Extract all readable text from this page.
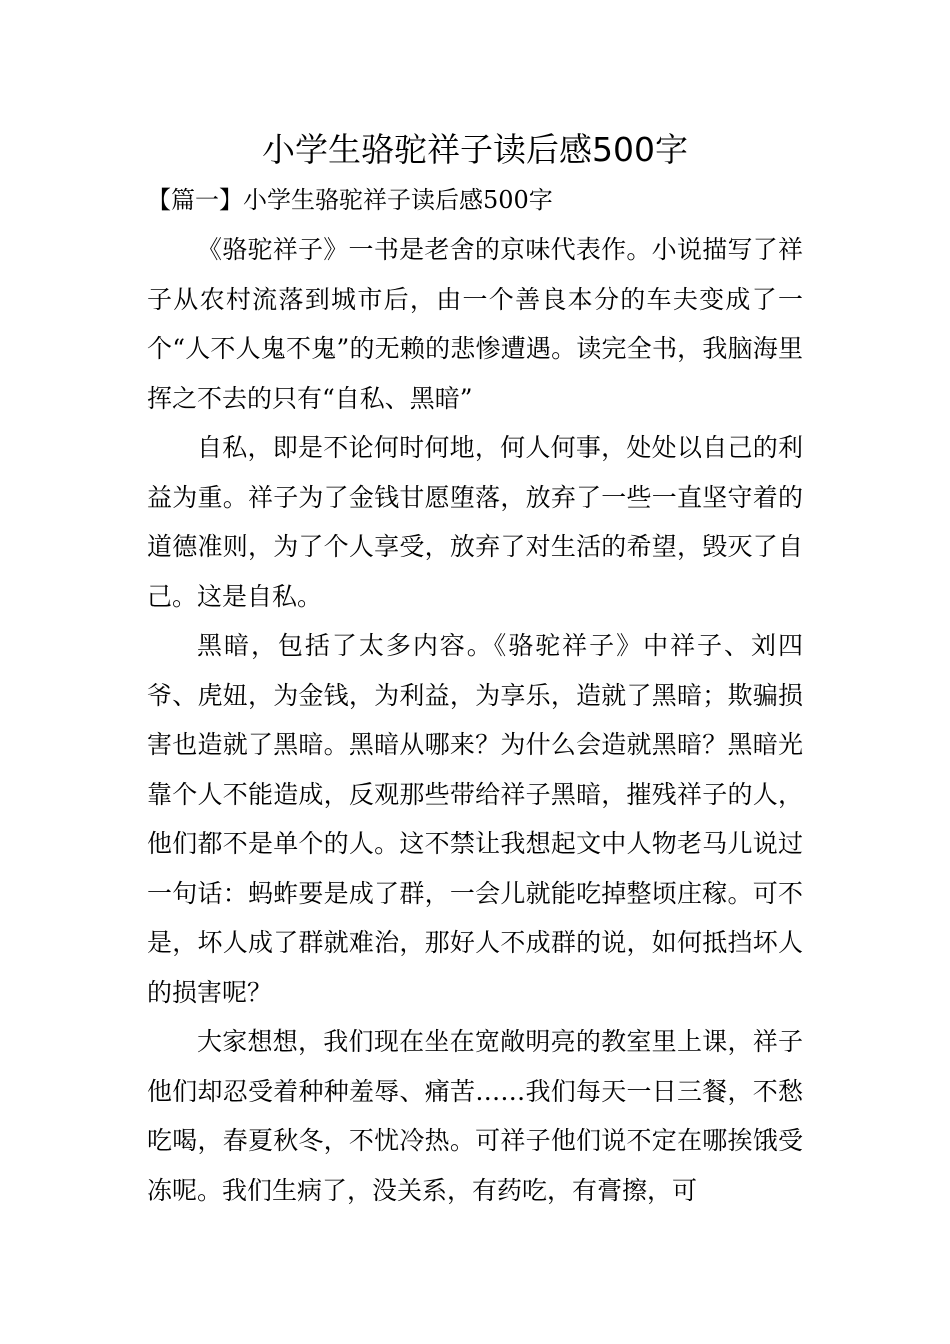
小学生骆驼祥子读后感500字
【篇一】小学生骆驼祥子读后感500字

《骆驼祥子》一书是老舍的京味代表作。小说描写了祥子从农村流落到城市后，由一个善良本分的车夫变成了一个“人不人鬼不鬼”的无赖的悲惨遭遇。读完全书，我脑海里挥之不去的只有“自私、黑暗”

自私，即是不论何时何地，何人何事，处处以自己的利益为重。祥子为了金钱甘愿堕落，放弃了一些一直坚守着的道德准则，为了个人享受，放弃了对生活的希望，毁灭了自己。这是自私。

黑暗，包括了太多内容。《骆驼祥子》中祥子、刘四爷、虎妞，为金钱，为利益，为享乐，造就了黑暗；欺骗损害也造就了黑暗。黑暗从哪来？为什么会造就黑暗？黑暗光靠个人不能造成，反观那些带给祥子黑暗，摧残祥子的人，他们都不是单个的人。这不禁让我想起文中人物老马儿说过一句话：蚂蚱要是成了群，一会儿就能吃掉整顷庄稼。可不是，坏人成了群就难治，那好人不成群的说，如何抵挡坏人的损害呢？

大家想想，我们现在坐在宽敞明亮的教室里上课，祥子他们却忍受着种种羞辱、痛苦……我们每天一日三餐，不愁吃喝，春夏秋冬，不忧冷热。可祥子他们说不定在哪挨饿受冻呢。我们生病了，没关系，有药吃，有膏擦，可
